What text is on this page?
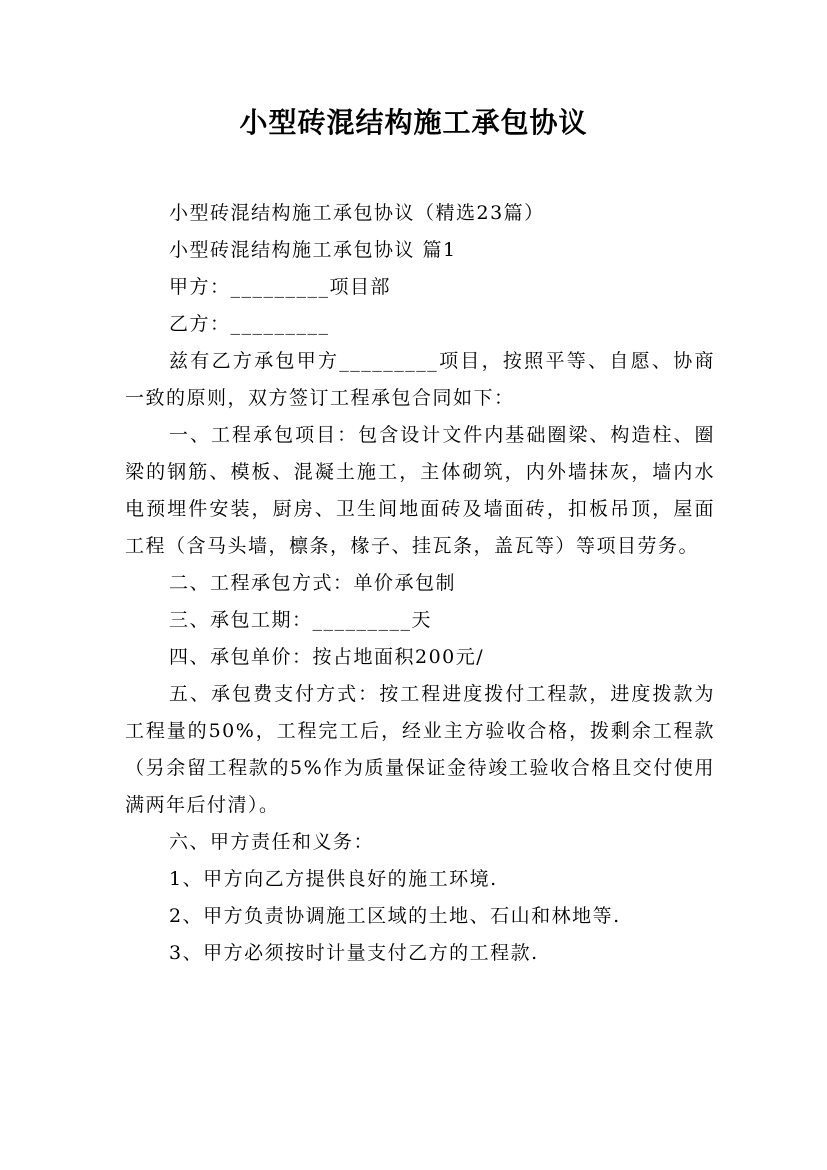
小型砖混结构施工承包协议

小型砖混结构施工承包协议（精选23篇）

小型砖混结构施工承包协议 篇1

甲方：_________项目部

乙方：_________

兹有乙方承包甲方_________项目，按照平等、自愿、协商一致的原则，双方签订工程承包合同如下：

一、工程承包项目：包含设计文件内基础圈梁、构造柱、圈梁的钢筋、模板、混凝土施工，主体砌筑，内外墙抹灰，墙内水电预埋件安装，厨房、卫生间地面砖及墙面砖，扣板吊顶，屋面工程（含马头墙，檩条，椽子、挂瓦条，盖瓦等）等项目劳务。

二、工程承包方式：单价承包制

三、承包工期：_________天

四、承包单价：按占地面积200元/

五、承包费支付方式：按工程进度拨付工程款，进度拨款为工程量的50%，工程完工后，经业主方验收合格，拨剩余工程款（另余留工程款的5%作为质量保证金待竣工验收合格且交付使用满两年后付清）。

六、甲方责任和义务：

1、甲方向乙方提供良好的施工环境.

2、甲方负责协调施工区域的土地、石山和林地等.

3、甲方必须按时计量支付乙方的工程款.
